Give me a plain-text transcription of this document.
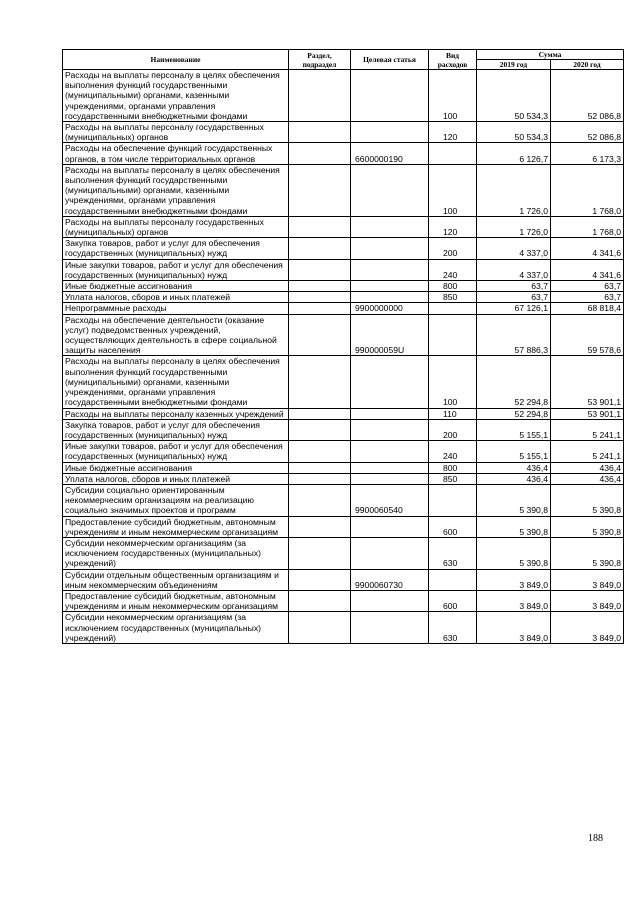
Наименование	Раздел, подраздел	Целевая статья	Вид расходов	Сумма	
				2019 год	2020 год
Расходы на выплаты персоналу в целях обеспечения выполнения функций государственными (муниципальными) органами, казенными учреждениями, органами управления государственными внебюджетными фондами			100	50 534,3	52 086,8
Расходы на выплаты персоналу государственных (муниципальных) органов			120	50 534,3	52 086,8
Расходы на обеспечение функций государственных органов, в том числе территориальных органов		6600000190		6 126,7	6 173,3
Расходы на выплаты персоналу в целях обеспечения выполнения функций государственными (муниципальными) органами, казенными учреждениями, органами управления государственными внебюджетными фондами			100	1 726,0	1 768,0
Расходы на выплаты персоналу государственных (муниципальных) органов			120	1 726,0	1 768,0
Закупка товаров, работ и услуг для обеспечения государственных (муниципальных) нужд			200	4 337,0	4 341,6
Иные закупки товаров, работ и услуг для обеспечения государственных (муниципальных) нужд			240	4 337,0	4 341,6
Иные бюджетные ассигнования			800	63,7	63,7
Уплата налогов, сборов и иных платежей			850	63,7	63,7
Непрограммные расходы		9900000000		67 126,1	68 818,4
Расходы на обеспечение деятельности (оказание услуг) подведомственных учреждений, осуществляющих деятельность в сфере социальной защиты населения		990000059U		57 886,3	59 578,6
Расходы на выплаты персоналу в целях обеспечения выполнения функций государственными (муниципальными) органами, казенными учреждениями, органами управления государственными внебюджетными фондами			100	52 294,8	53 901,1
Расходы на выплаты персоналу казенных учреждений			110	52 294,8	53 901,1
Закупка товаров, работ и услуг для обеспечения государственных (муниципальных) нужд			200	5 155,1	5 241,1
Иные закупки товаров, работ и услуг для обеспечения государственных (муниципальных) нужд			240	5 155,1	5 241,1
Иные бюджетные ассигнования			800	436,4	436,4
Уплата налогов, сборов и иных платежей			850	436,4	436,4
Субсидии социально ориентированным некоммерческим организациям на реализацию социально значимых проектов и программ		9900060540		5 390,8	5 390,8
Предоставление субсидий бюджетным, автономным учреждениям и иным некоммерческим организациям			600	5 390,8	5 390,8
Субсидии некоммерческим организациям (за исключением государственных (муниципальных) учреждений)			630	5 390,8	5 390,8
Субсидии отдельным общественным организациям и иным некоммерческим объединениям		9900060730		3 849,0	3 849,0
Предоставление субсидий бюджетным, автономным учреждениям и иным некоммерческим организациям			600	3 849,0	3 849,0
Субсидии некоммерческим организациям (за исключением государственных (муниципальных) учреждений)			630	3 849,0	3 849,0
188
